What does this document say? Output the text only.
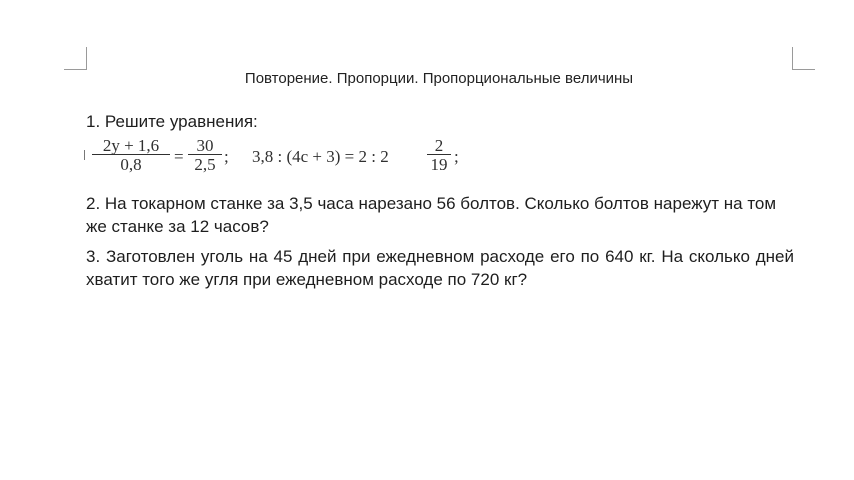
Повторение. Пропорции. Пропорциональные величины
1. Решите уравнения:
$\frac{2y + 1,6}{0,8} = \frac{30}{2,5}$ ; 3,8 : (4c + 3) = 2 : $2 \frac{2}{19}$ ;
2. На токарном станке за 3,5 часа нарезано 56 болтов. Сколько болтов нарежут на том же станке за 12 часов?
3. Заготовлен уголь на 45 дней при ежедневном расходе его по 640 кг. На сколько дней хватит того же угля при ежедневном расходе по 720 кг?
